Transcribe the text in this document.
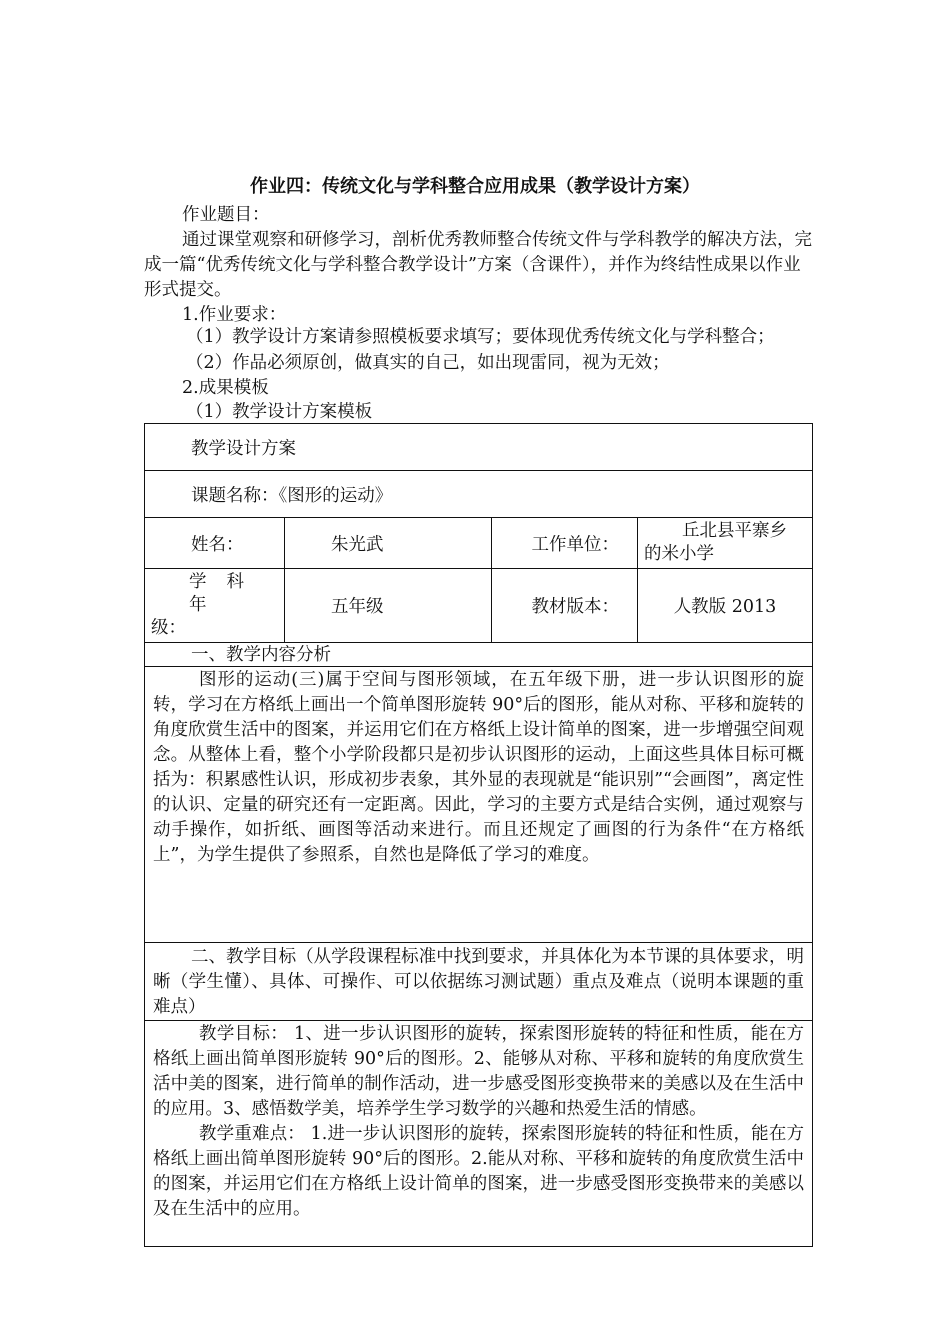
作业四：传统文化与学科整合应用成果（教学设计方案）
作业题目：
通过课堂观察和研修学习，剖析优秀教师整合传统文件与学科教学的解决方法，完成一篇“优秀传统文化与学科整合教学设计”方案（含课件），并作为终结性成果以作业形式提交。
1.作业要求：
（1）教学设计方案请参照模板要求填写；要体现优秀传统文化与学科整合；
（2）作品必须原创，做真实的自己，如出现雷同，视为无效；
2.成果模板
（1）教学设计方案模板
教学设计方案			
课题名称：《图形的运动》			
姓名：	朱光武	工作单位：	丘北县平寨乡
的米小学

学科年
级：	五年级	教材版本：	人教版 2013
一、教学内容分析			

图形的运动(三)属于空间与图形领域，在五年级下册，进一步认识图形的旋转，学习在方格纸上画出一个简单图形旋转 90°后的图形，能从对称、平移和旋转的角度欣赏生活中的图案，并运用它们在方格纸上设计简单的图案，进一步增强空间观念。从整体上看，整个小学阶段都只是初步认识图形的运动，上面这些具体目标可概括为：积累感性认识，形成初步表象，其外显的表现就是“能识别”“会画图”，离定性的认识、定量的研究还有一定距离。因此，学习的主要方式是结合实例，通过观察与动手操作，如折纸、画图等活动来进行。而且还规定了画图的行为条件“在方格纸上”，为学生提供了参照系，自然也是降低了学习的难度。			

二、教学目标（从学段课程标准中找到要求，并具体化为本节课的具体要求，明晰（学生懂）、具体、可操作、可以依据练习测试题）重点及难点（说明本课题的重难点）			

教学目标： 1、进一步认识图形的旋转，探索图形旋转的特征和性质，能在方格纸上画出简单图形旋转 90°后的图形。2、能够从对称、平移和旋转的角度欣赏生活中美的图案，进行简单的制作活动，进一步感受图形变换带来的美感以及在生活中的应用。3、感悟数学美，培养学生学习数学的兴趣和热爱生活的情感。
教学重难点： 1.进一步认识图形的旋转，探索图形旋转的特征和性质，能在方格纸上画出简单图形旋转 90°后的图形。2.能从对称、平移和旋转的角度欣赏生活中的图案，并运用它们在方格纸上设计简单的图案，进一步感受图形变换带来的美感以及在生活中的应用。			
